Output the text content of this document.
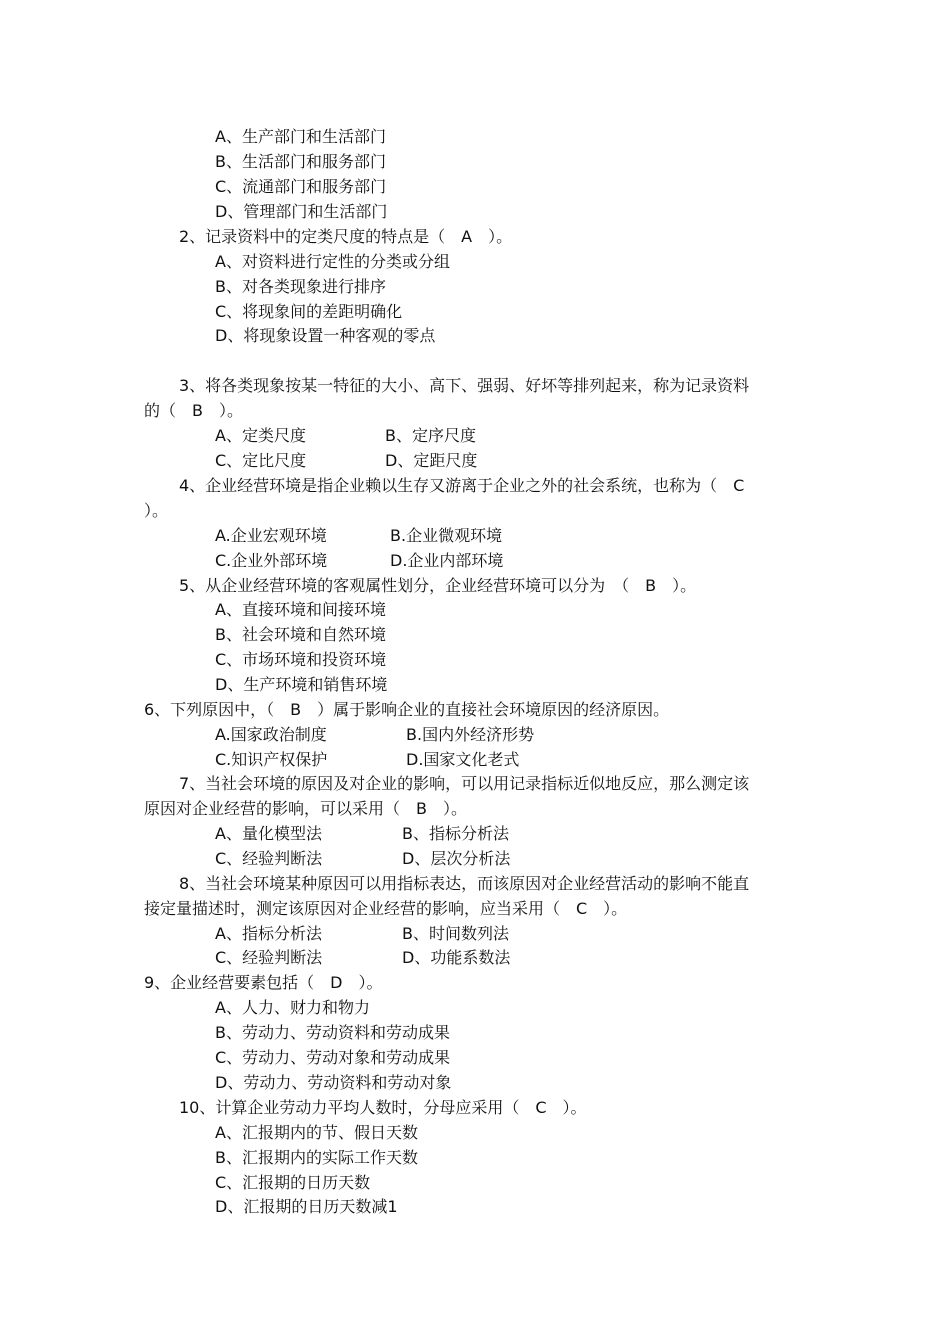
A、生产部门和生活部门
B、生活部门和服务部门
C、流通部门和服务部门
D、管理部门和生活部门
2、记录资料中的定类尺度的特点是（　A　）。
A、对资料进行定性的分类或分组
B、对各类现象进行排序
C、将现象间的差距明确化
D、将现象设置一种客观的零点
3、将各类现象按某一特征的大小、高下、强弱、好坏等排列起来，称为记录资料
的（　B　）。
A、定类尺度	B、定序尺度
C、定比尺度	D、定距尺度
4、企业经营环境是指企业赖以生存又游离于企业之外的社会系统，也称为（　C
）。
A.企业宏观环境	B.企业微观环境
C.企业外部环境	D.企业内部环境
5、从企业经营环境的客观属性划分，企业经营环境可以分为　（　B　）。
A、直接环境和间接环境
B、社会环境和自然环境
C、市场环境和投资环境
D、生产环境和销售环境
6、下列原因中，（　B　）属于影响企业的直接社会环境原因的经济原因。
A.国家政治制度	B.国内外经济形势
C.知识产权保护	D.国家文化老式
7、当社会环境的原因及对企业的影响，可以用记录指标近似地反应，那么测定该
原因对企业经营的影响，可以采用（　B　）。
A、量化模型法	B、指标分析法
C、经验判断法	D、层次分析法
8、当社会环境某种原因可以用指标表达，而该原因对企业经营活动的影响不能直
接定量描述时，测定该原因对企业经营的影响，应当采用（　C　）。
A、指标分析法	B、时间数列法
C、经验判断法	D、功能系数法
9、企业经营要素包括（　D　）。
A、人力、财力和物力
B、劳动力、劳动资料和劳动成果
C、劳动力、劳动对象和劳动成果
D、劳动力、劳动资料和劳动对象
10、计算企业劳动力平均人数时，分母应采用（　C　）。
A、汇报期内的节、假日天数
B、汇报期内的实际工作天数
C、汇报期的日历天数
D、汇报期的日历天数减1
